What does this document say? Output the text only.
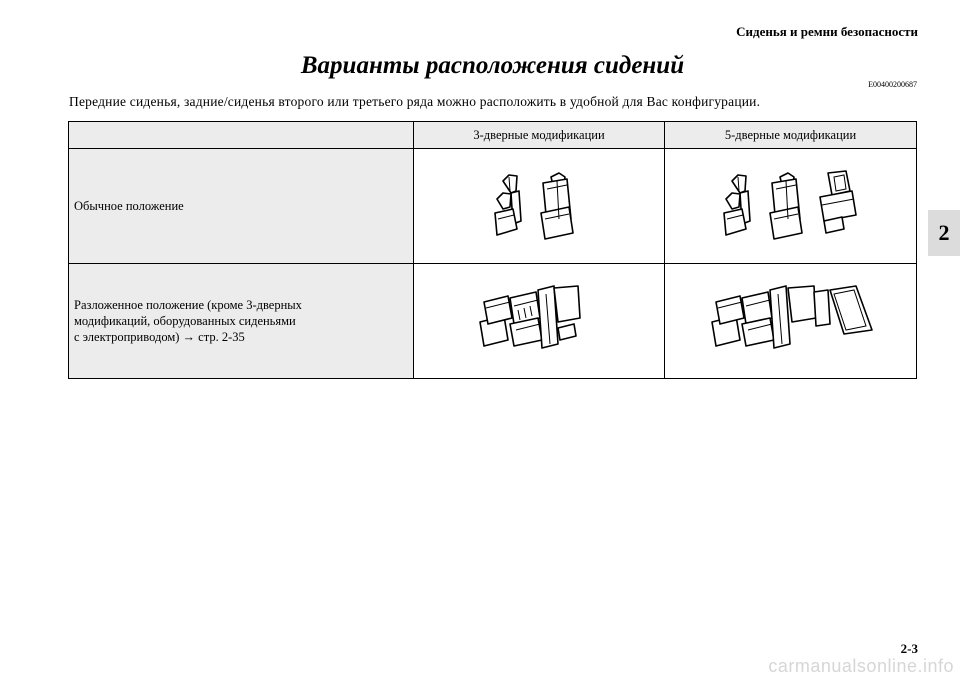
Сиденья и ремни безопасности
2
Варианты расположения сидений
E00400200687
Передние сиденья, задние/сиденья второго или третьего ряда можно расположить в удобной для Вас конфигурации.
	3-дверные модификации	5-дверные модификации
Обычное положение		

Разложенное положение (кроме 3-дверных
модификаций, оборудованных сиденьями
с электроприводом) → стр. 2-35

2-3
carmanualsonline.info
